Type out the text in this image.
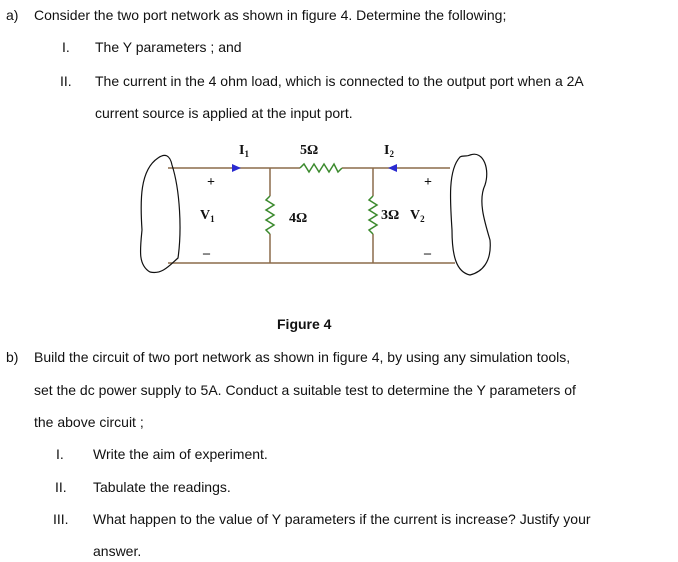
a) Consider the two port network as shown in figure 4. Determine the following;
I. The Y parameters ; and
II. The current in the 4 ohm load, which is connected to the output port when a 2A
current source is applied at the input port.
$I_1$	5Ω	$I_2$
+	+
$V_1$	4Ω	3Ω $V_2$
–	–
Figure 4
b) Build the circuit of two port network as shown in figure 4, by using any simulation tools,
set the dc power supply to 5A. Conduct a suitable test to determine the Y parameters of
the above circuit ;
I. Write the aim of experiment.
II. Tabulate the readings.
III. What happen to the value of Y parameters if the current is increase? Justify your
answer.
